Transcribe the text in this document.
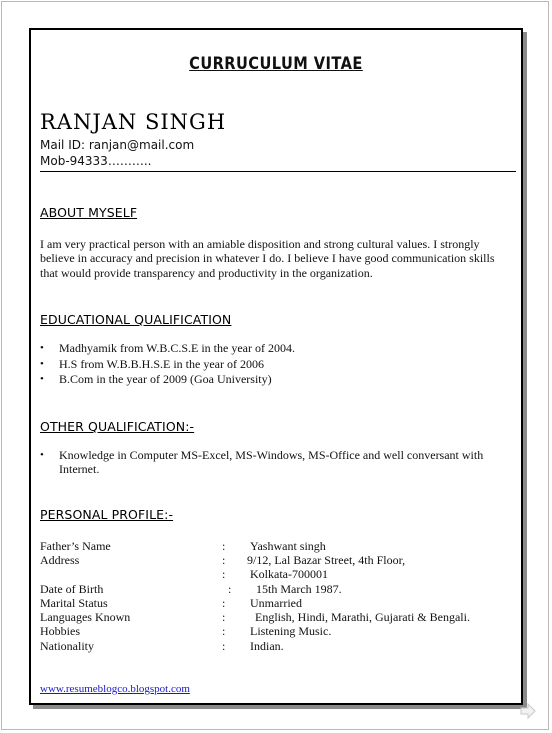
CURRUCULUM VITAE
RANJAN SINGH
Mail ID: ranjan@mail.com
Mob-94333………..
ABOUT MYSELF
I am very practical person with an amiable disposition and strong cultural values. I strongly believe in accuracy and precision in whatever I do. I believe I have good communication skills that would provide transparency and productivity in the organization.
EDUCATIONAL QUALIFICATION
• Madhyamik from W.B.C.S.E in the year of 2004.
• H.S from W.B.B.H.S.E in the year of 2006
• B.Com in the year of 2009 (Goa University)
OTHER QUALIFICATION:-
• Knowledge in Computer MS-Excel, MS-Windows, MS-Office and well conversant with Internet.
PERSONAL PROFILE:-
Father’s Name	: Yashwant singh
Address	: 9/12, Lal Bazar Street, 4th Floor,
: Kolkata-700001
Date of Birth	: 15th March 1987.
Marital Status	: Unmarried
Languages Known	: English, Hindi, Marathi, Gujarati & Bengali.
Hobbies	: Listening Music.
Nationality	: Indian.
www.resumeblogco.blogspot.com
